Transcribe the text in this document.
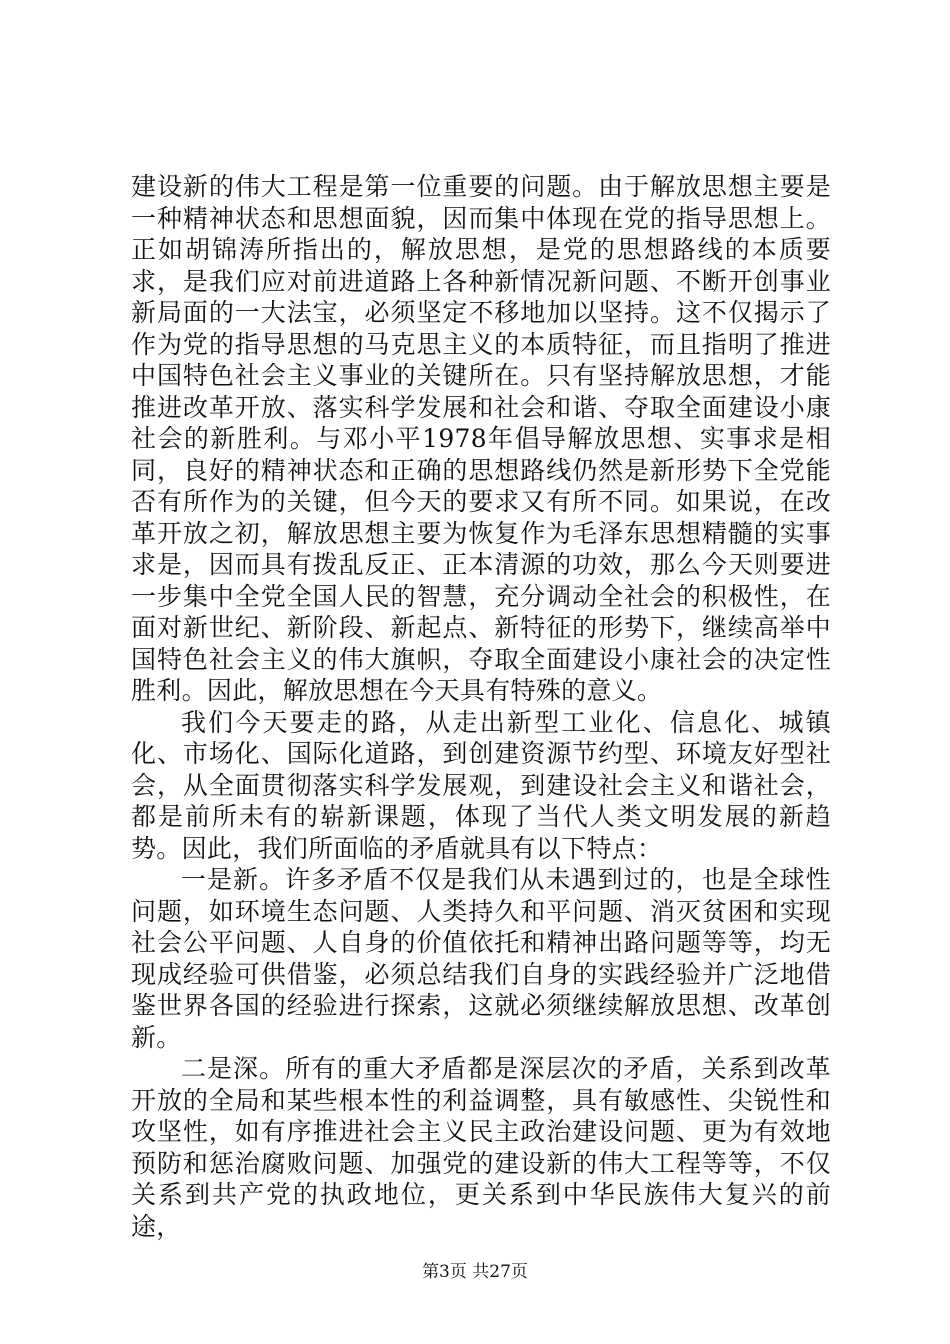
建设新的伟大工程是第一位重要的问题。由于解放思想主要是一种精神状态和思想面貌，因而集中体现在党的指导思想上。正如胡锦涛所指出的，解放思想，是党的思想路线的本质要求，是我们应对前进道路上各种新情况新问题、不断开创事业新局面的一大法宝，必须坚定不移地加以坚持。这不仅揭示了作为党的指导思想的马克思主义的本质特征，而且指明了推进中国特色社会主义事业的关键所在。只有坚持解放思想，才能推进改革开放、落实科学发展和社会和谐、夺取全面建设小康社会的新胜利。与邓小平1978年倡导解放思想、实事求是相同，良好的精神状态和正确的思想路线仍然是新形势下全党能否有所作为的关键，但今天的要求又有所不同。如果说，在改革开放之初，解放思想主要为恢复作为毛泽东思想精髓的实事求是，因而具有拨乱反正、正本清源的功效，那么今天则要进一步集中全党全国人民的智慧，充分调动全社会的积极性，在面对新世纪、新阶段、新起点、新特征的形势下，继续高举中国特色社会主义的伟大旗帜，夺取全面建设小康社会的决定性胜利。因此，解放思想在今天具有特殊的意义。

我们今天要走的路，从走出新型工业化、信息化、城镇化、市场化、国际化道路，到创建资源节约型、环境友好型社会，从全面贯彻落实科学发展观，到建设社会主义和谐社会，都是前所未有的崭新课题，体现了当代人类文明发展的新趋势。因此，我们所面临的矛盾就具有以下特点：

一是新。许多矛盾不仅是我们从未遇到过的，也是全球性问题，如环境生态问题、人类持久和平问题、消灭贫困和实现社会公平问题、人自身的价值依托和精神出路问题等等，均无现成经验可供借鉴，必须总结我们自身的实践经验并广泛地借鉴世界各国的经验进行探索，这就必须继续解放思想、改革创新。

二是深。所有的重大矛盾都是深层次的矛盾，关系到改革开放的全局和某些根本性的利益调整，具有敏感性、尖锐性和攻坚性，如有序推进社会主义民主政治建设问题、更为有效地预防和惩治腐败问题、加强党的建设新的伟大工程等等，不仅关系到共产党的执政地位，更关系到中华民族伟大复兴的前途，

第3页 共27页
